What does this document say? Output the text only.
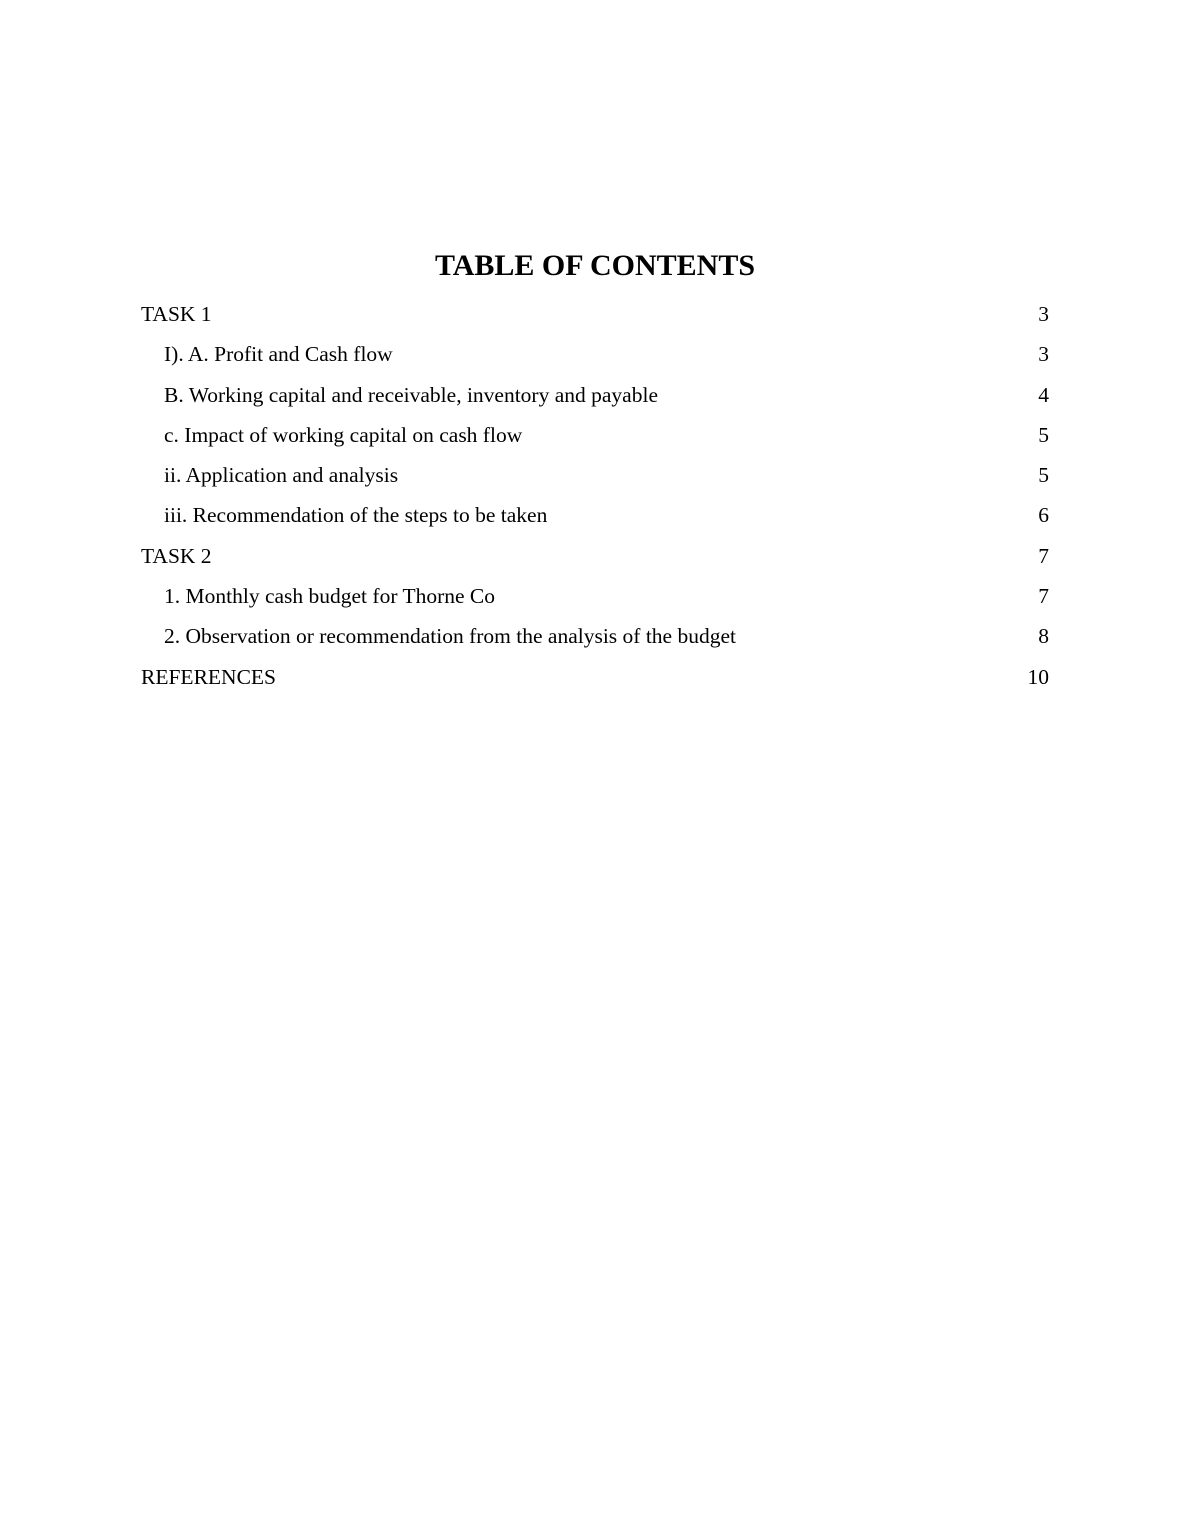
TABLE OF CONTENTS
TASK 1	3
I). A. Profit and Cash flow	3
B. Working capital and receivable, inventory and payable	4
c. Impact of working capital on cash flow	5
ii. Application and analysis	5
iii. Recommendation of the steps to be taken	6
TASK 2	7
1. Monthly cash budget for Thorne Co	7
2. Observation or recommendation from the analysis of the budget	8
REFERENCES	10
